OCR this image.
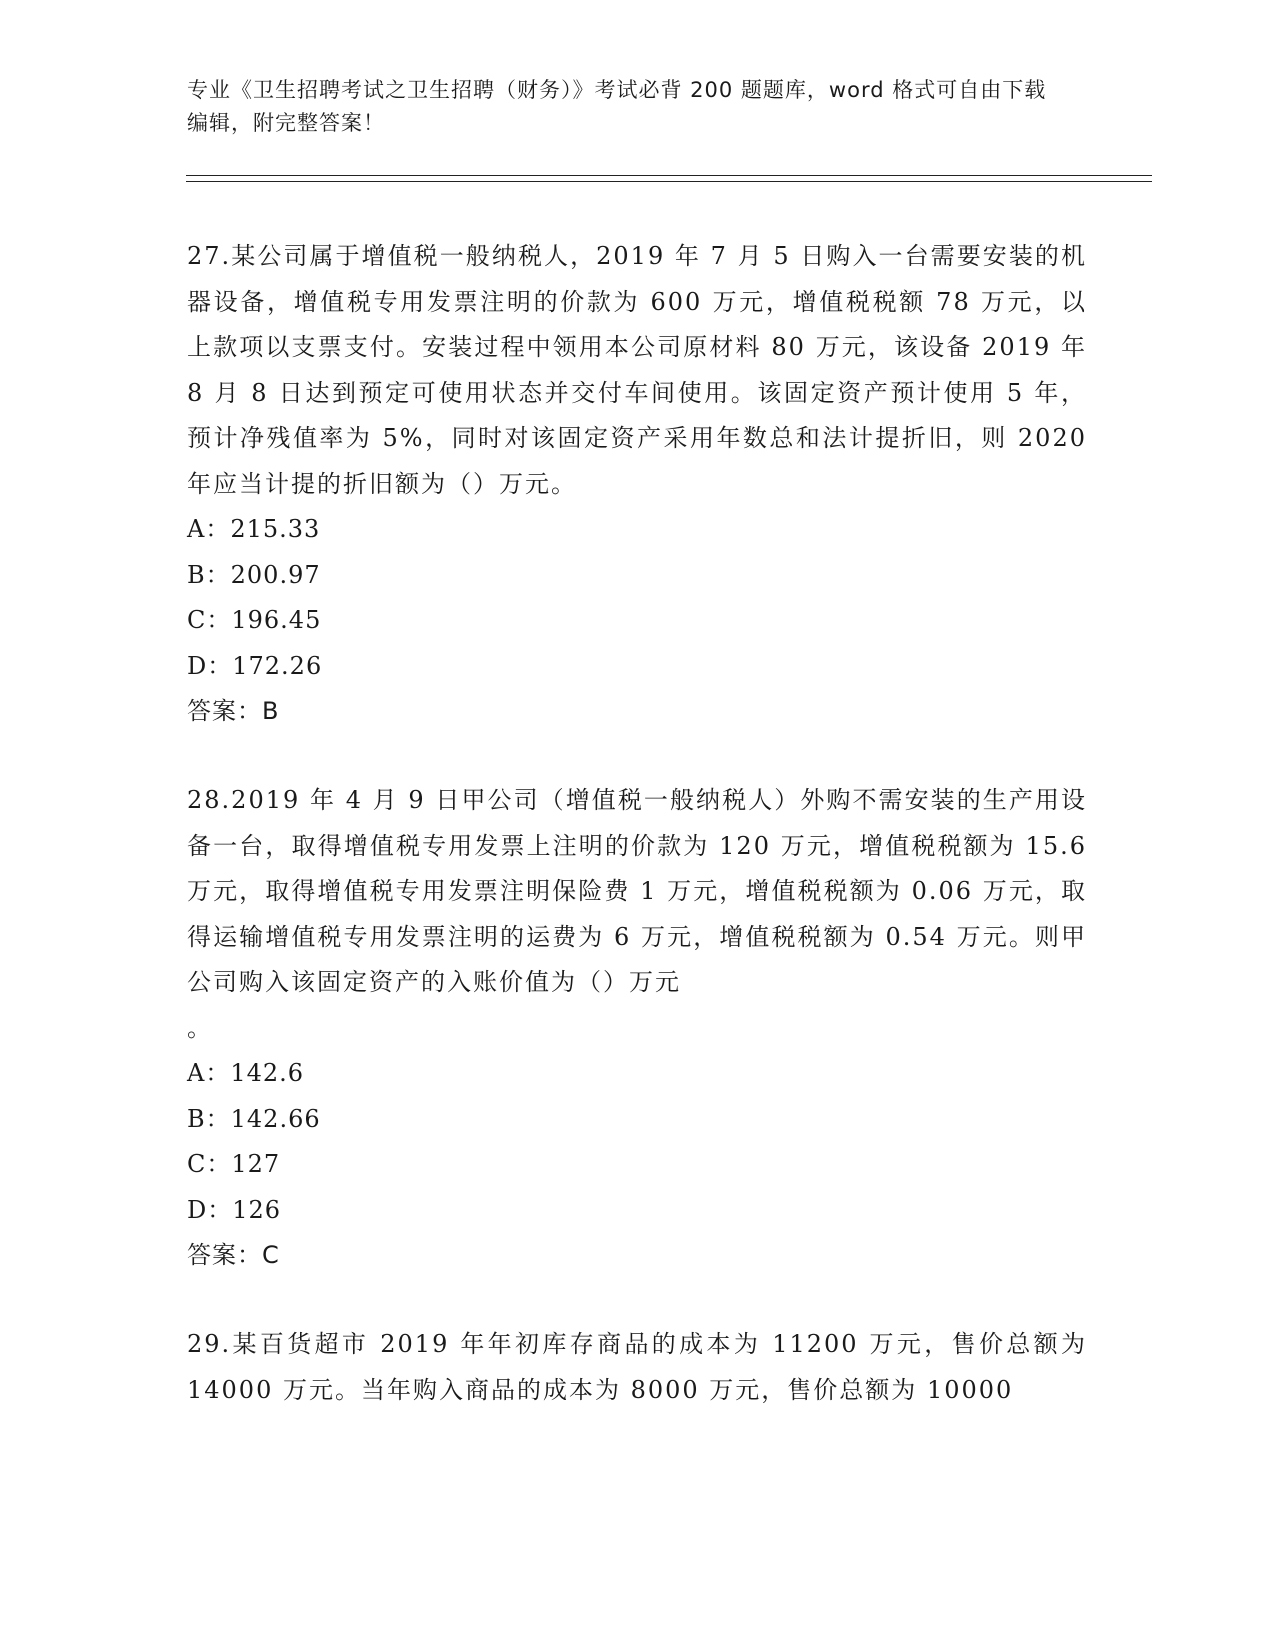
专业《卫生招聘考试之卫生招聘（财务）》考试必背 200 题题库，word 格式可自由下载编辑，附完整答案！

27.某公司属于增值税一般纳税人，2019 年 7 月 5 日购入一台需要安装的机器设备，增值税专用发票注明的价款为 600 万元，增值税税额 78 万元，以上款项以支票支付。安装过程中领用本公司原材料 80 万元，该设备 2019 年 8 月 8 日达到预定可使用状态并交付车间使用。该固定资产预计使用 5 年，预计净残值率为 5%，同时对该固定资产采用年数总和法计提折旧，则 2020 年应当计提的折旧额为（）万元。

A：215.33
B：200.97
C：196.45
D：172.26
答案：B

28.2019 年 4 月 9 日甲公司（增值税一般纳税人）外购不需安装的生产用设备一台，取得增值税专用发票上注明的价款为 120 万元，增值税税额为 15.6 万元，取得增值税专用发票注明保险费 1 万元，增值税税额为 0.06 万元，取得运输增值税专用发票注明的运费为 6 万元，增值税税额为 0.54 万元。则甲公司购入该固定资产的入账价值为（）万元
。

A：142.6
B：142.66
C：127
D：126
答案：C

29.某百货超市 2019 年年初库存商品的成本为 11200 万元，售价总额为 14000 万元。当年购入商品的成本为 8000 万元，售价总额为 10000
